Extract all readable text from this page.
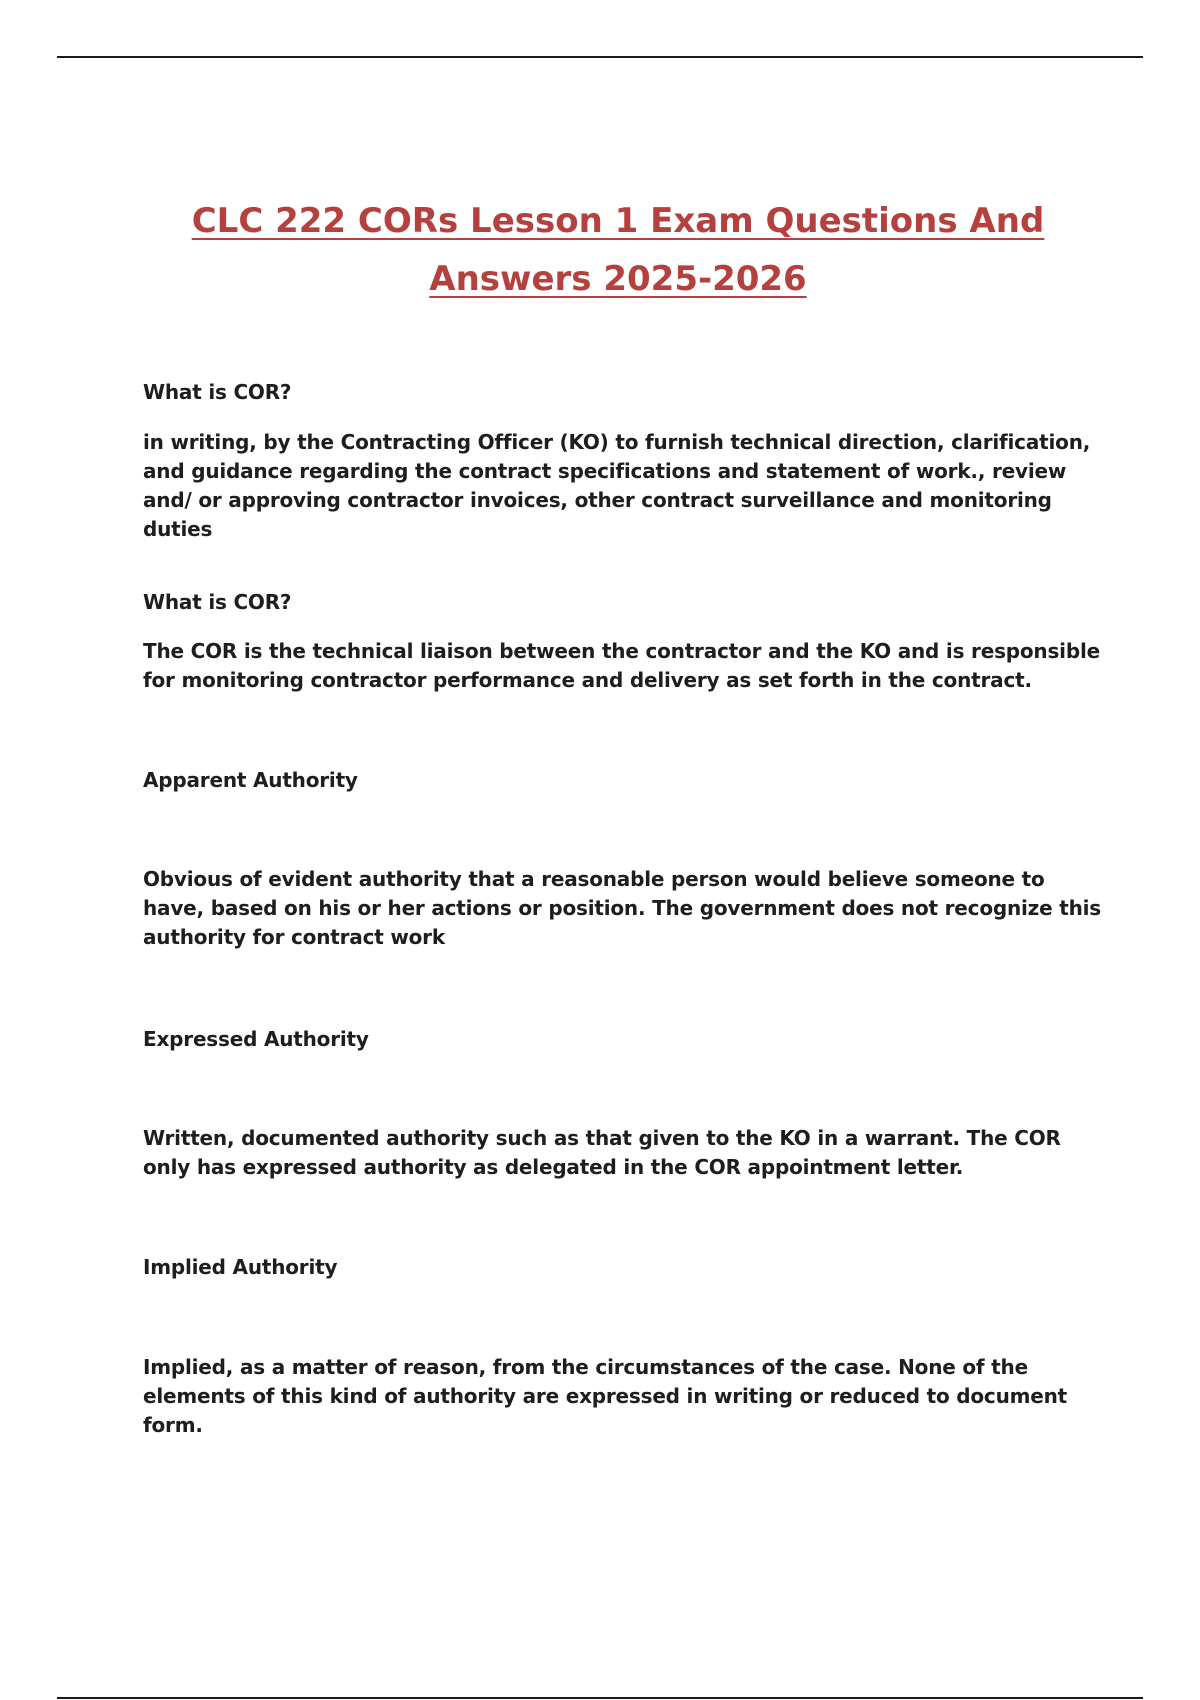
CLC 222 CORs Lesson 1 Exam Questions And Answers 2025-2026
What is COR?
in writing, by the Contracting Officer (KO) to furnish technical direction, clarification, and guidance regarding the contract specifications and statement of work., review and/ or approving contractor invoices, other contract surveillance and monitoring duties
What is COR?
The COR is the technical liaison between the contractor and the KO and is responsible for monitoring contractor performance and delivery as set forth in the contract.
Apparent Authority
Obvious of evident authority that a reasonable person would believe someone to have, based on his or her actions or position. The government does not recognize this authority for contract work
Expressed Authority
Written, documented authority such as that given to the KO in a warrant. The COR only has expressed authority as delegated in the COR appointment letter.
Implied Authority
Implied, as a matter of reason, from the circumstances of the case. None of the elements of this kind of authority are expressed in writing or reduced to document form.
